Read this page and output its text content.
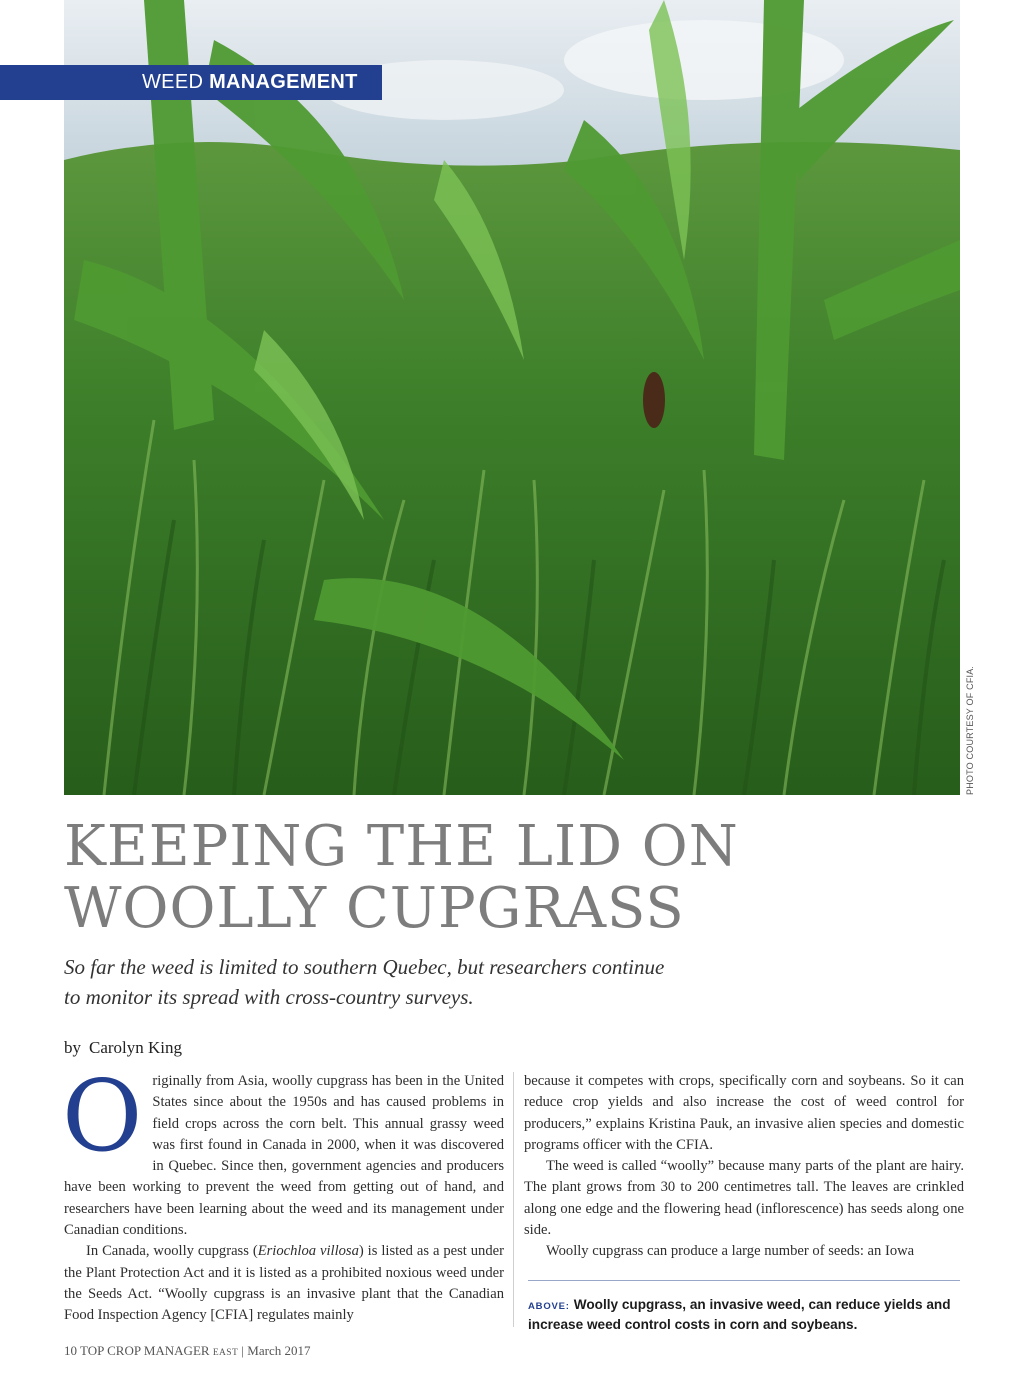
WEED MANAGEMENT
PHOTO COURTESY OF CFIA.
KEEPING THE LID ON
WOOLLY CUPGRASS
So far the weed is limited to southern Quebec, but researchers continue to monitor its spread with cross-country surveys.
by Carolyn King

Originally from Asia, woolly cupgrass has been in the United States since about the 1950s and has caused problems in field crops across the corn belt. This annual grassy weed was first found in Canada in 2000, when it was discovered in Quebec. Since then, government agencies and producers have been working to prevent the weed from getting out of hand, and researchers have been learning about the weed and its management under Canadian conditions.

In Canada, woolly cupgrass (Eriochloa villosa) is listed as a pest under the Plant Protection Act and it is listed as a prohibited noxious weed under the Seeds Act. “Woolly cupgrass is an invasive plant that the Canadian Food Inspection Agency [CFIA] regulates mainly

because it competes with crops, specifically corn and soybeans. So it can reduce crop yields and also increase the cost of weed control for producers,” explains Kristina Pauk, an invasive alien species and domestic programs officer with the CFIA.

The weed is called “woolly” because many parts of the plant are hairy. The plant grows from 30 to 200 centimetres tall. The leaves are crinkled along one edge and the flowering head (inflorescence) has seeds along one side.

Woolly cupgrass can produce a large number of seeds: an Iowa

ABOVE: Woolly cupgrass, an invasive weed, can reduce yields and increase weed control costs in corn and soybeans.
10 TOP CROP MANAGER EAST | March 2017
